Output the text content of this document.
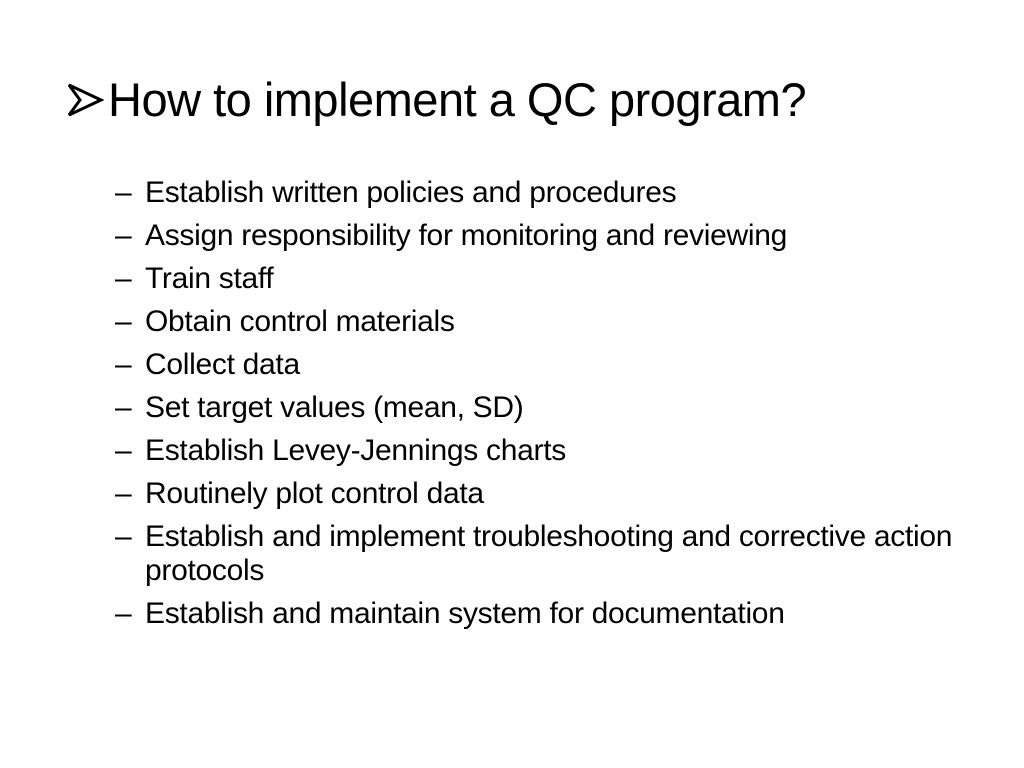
How to implement a QC program?
– Establish written policies and procedures
– Assign responsibility for monitoring and reviewing
– Train staff
– Obtain control materials
– Collect data
– Set target values (mean, SD)
– Establish Levey-Jennings charts
– Routinely plot control data
– Establish and implement troubleshooting and corrective action protocols
– Establish and maintain system for documentation
